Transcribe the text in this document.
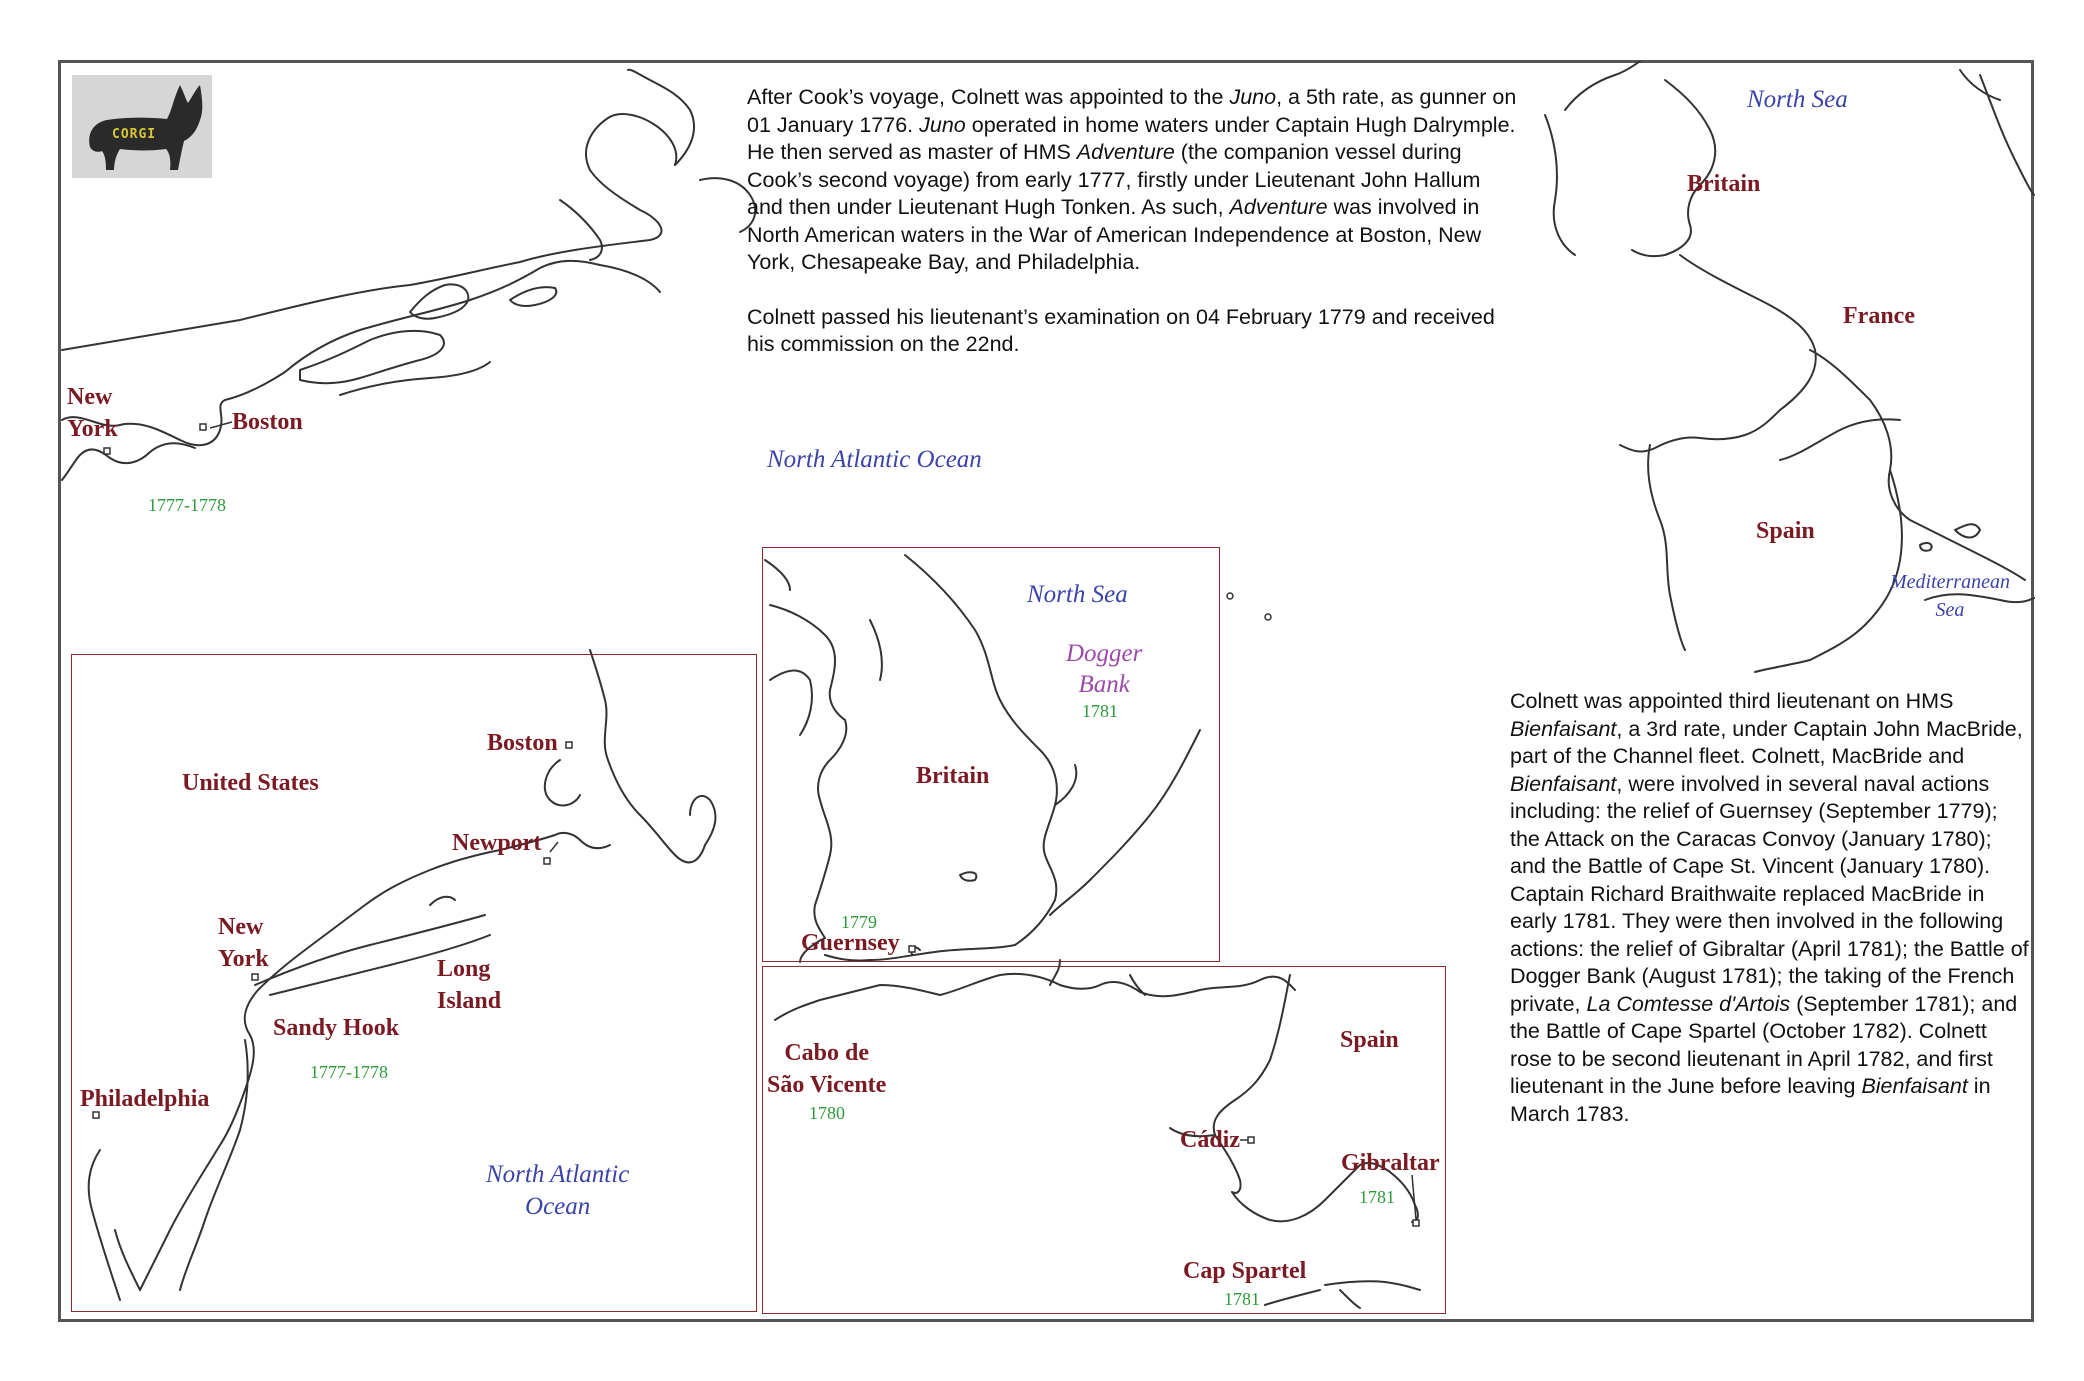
CORGI

After Cook’s voyage, Colnett was appointed to the Juno, a 5th rate, as gunner on 01 January 1776. Juno operated in home waters under Captain Hugh Dalrymple. He then served as master of HMS Adventure (the companion vessel during Cook’s second voyage) from early 1777, firstly under Lieutenant John Hallum and then under Lieutenant Hugh Tonken. As such, Adventure was involved in North American waters in the War of American Independence at Boston, New York, Chesapeake Bay, and Philadelphia.

Colnett passed his lieutenant’s examination on 04 February 1779 and received his commission on the 22nd.

Colnett was appointed third lieutenant on HMS Bienfaisant, a 3rd rate, under Captain John MacBride, part of the Channel fleet. Colnett, MacBride and Bienfaisant, were involved in several naval actions including: the relief of Guernsey (September 1779); the Attack on the Caracas Convoy (January 1780); and the Battle of Cape St. Vincent (January 1780). Captain Richard Braithwaite replaced MacBride in early 1781. They were then involved in the following actions: the relief of Gibraltar (April 1781); the Battle of Dogger Bank (August 1781); the taking of the French private, La Comtesse d'Artois (September 1781); and the Battle of Cape Spartel (October 1782). Colnett rose to be second lieutenant in April 1782, and first lieutenant in the June before leaving Bienfaisant in March 1783.

New
York	Boston
1777-1778
North Atlantic Ocean
North Sea
Britain
France
Spain
Mediterranean
Sea
Boston
United States
Newport
New
York	Long
Island
Sandy Hook
1777-1778
Philadelphia
North Atlantic
Ocean
North Sea
Dogger
Bank
1781
Britain
1779
Guernsey
Cabo de
São Vicente
1780
Spain
Cádiz
Gibraltar
1781
Cap Spartel
1781
